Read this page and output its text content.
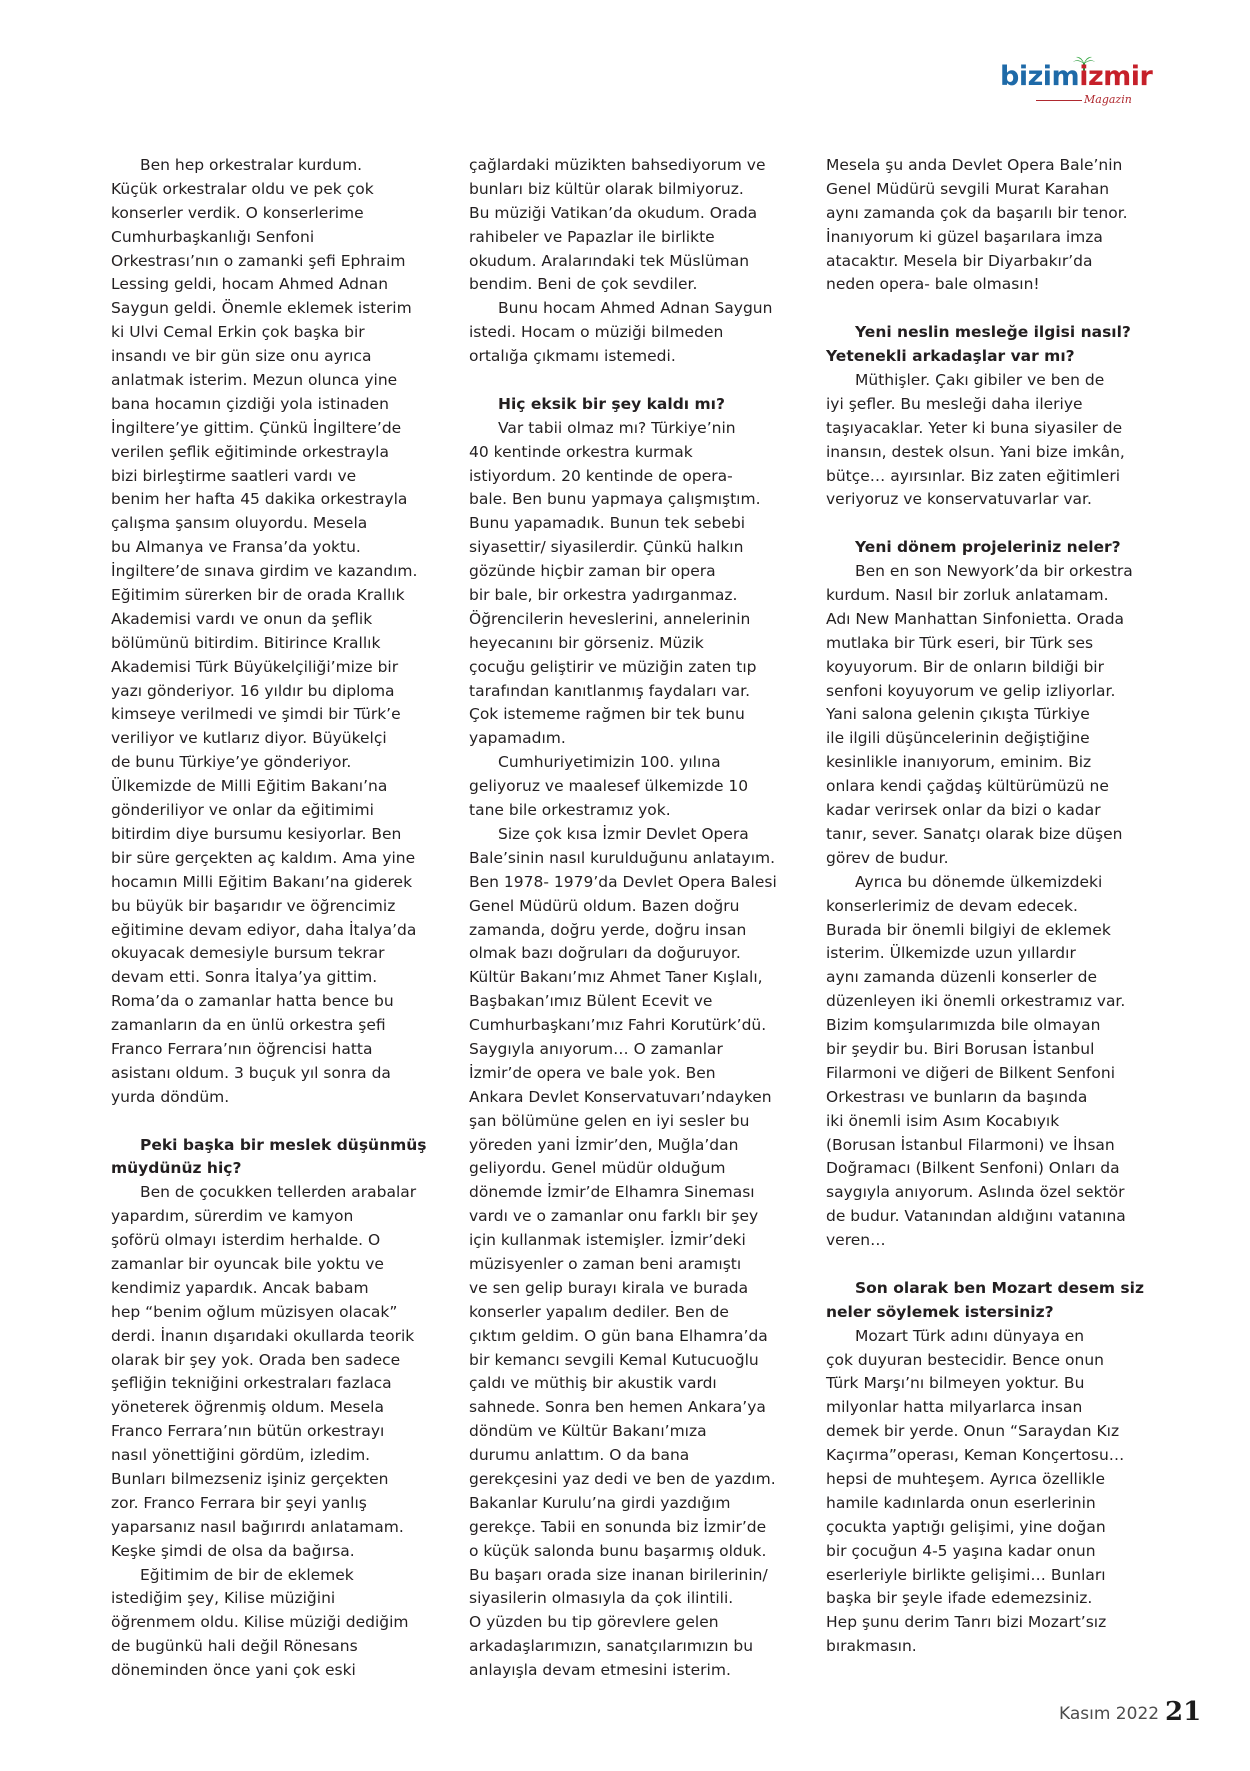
bizimizmir
Magazin
Ben hep orkestralar kurdum.
Küçük orkestralar oldu ve pek çok
konserler verdik. O konserlerime
Cumhurbaşkanlığı Senfoni
Orkestrası’nın o zamanki şefi Ephraim
Lessing geldi, hocam Ahmed Adnan
Saygun geldi. Önemle eklemek isterim
ki Ulvi Cemal Erkin çok başka bir
insandı ve bir gün size onu ayrıca
anlatmak isterim. Mezun olunca yine
bana hocamın çizdiği yola istinaden
İngiltere’ye gittim. Çünkü İngiltere’de
verilen şeflik eğitiminde orkestrayla
bizi birleştirme saatleri vardı ve
benim her hafta 45 dakika orkestrayla
çalışma şansım oluyordu. Mesela
bu Almanya ve Fransa’da yoktu.
İngiltere’de sınava girdim ve kazandım.
Eğitimim sürerken bir de orada Krallık
Akademisi vardı ve onun da şeflik
bölümünü bitirdim. Bitirince Krallık
Akademisi Türk Büyükelçiliği’mize bir
yazı gönderiyor. 16 yıldır bu diploma
kimseye verilmedi ve şimdi bir Türk’e
veriliyor ve kutlarız diyor. Büyükelçi
de bunu Türkiye’ye gönderiyor.
Ülkemizde de Milli Eğitim Bakanı’na
gönderiliyor ve onlar da eğitimimi
bitirdim diye bursumu kesiyorlar. Ben
bir süre gerçekten aç kaldım. Ama yine
hocamın Milli Eğitim Bakanı’na giderek
bu büyük bir başarıdır ve öğrencimiz
eğitimine devam ediyor, daha İtalya’da
okuyacak demesiyle bursum tekrar
devam etti. Sonra İtalya’ya gittim.
Roma’da o zamanlar hatta bence bu
zamanların da en ünlü orkestra şefi
Franco Ferrara’nın öğrencisi hatta
asistanı oldum. 3 buçuk yıl sonra da
yurda döndüm.
Peki başka bir meslek düşünmüş
müydünüz hiç?
Ben de çocukken tellerden arabalar
yapardım, sürerdim ve kamyon
şoförü olmayı isterdim herhalde. O
zamanlar bir oyuncak bile yoktu ve
kendimiz yapardık. Ancak babam
hep “benim oğlum müzisyen olacak”
derdi. İnanın dışarıdaki okullarda teorik
olarak bir şey yok. Orada ben sadece
şefliğin tekniğini orkestraları fazlaca
yöneterek öğrenmiş oldum. Mesela
Franco Ferrara’nın bütün orkestrayı
nasıl yönettiğini gördüm, izledim.
Bunları bilmezseniz işiniz gerçekten
zor. Franco Ferrara bir şeyi yanlış
yaparsanız nasıl bağırırdı anlatamam.
Keşke şimdi de olsa da bağırsa.
Eğitimim de bir de eklemek
istediğim şey, Kilise müziğini
öğrenmem oldu. Kilise müziği dediğim
de bugünkü hali değil Rönesans
döneminden önce yani çok eski
çağlardaki müzikten bahsediyorum ve
bunları biz kültür olarak bilmiyoruz.
Bu müziği Vatikan’da okudum. Orada
rahibeler ve Papazlar ile birlikte
okudum. Aralarındaki tek Müslüman
bendim. Beni de çok sevdiler.
Bunu hocam Ahmed Adnan Saygun
istedi. Hocam o müziği bilmeden
ortalığa çıkmamı istemedi.
Hiç eksik bir şey kaldı mı?
Var tabii olmaz mı? Türkiye’nin
40 kentinde orkestra kurmak
istiyordum. 20 kentinde de opera-
bale. Ben bunu yapmaya çalışmıştım.
Bunu yapamadık. Bunun tek sebebi
siyasettir/ siyasilerdir. Çünkü halkın
gözünde hiçbir zaman bir opera
bir bale, bir orkestra yadırganmaz.
Öğrencilerin heveslerini, annelerinin
heyecanını bir görseniz. Müzik
çocuğu geliştirir ve müziğin zaten tıp
tarafından kanıtlanmış faydaları var.
Çok istememe rağmen bir tek bunu
yapamadım.
Cumhuriyetimizin 100. yılına
geliyoruz ve maalesef ülkemizde 10
tane bile orkestramız yok.
Size çok kısa İzmir Devlet Opera
Bale’sinin nasıl kurulduğunu anlatayım.
Ben 1978- 1979’da Devlet Opera Balesi
Genel Müdürü oldum. Bazen doğru
zamanda, doğru yerde, doğru insan
olmak bazı doğruları da doğuruyor.
Kültür Bakanı’mız Ahmet Taner Kışlalı,
Başbakan’ımız Bülent Ecevit ve
Cumhurbaşkanı’mız Fahri Korutürk’dü.
Saygıyla anıyorum… O zamanlar
İzmir’de opera ve bale yok. Ben
Ankara Devlet Konservatuvarı’ndayken
şan bölümüne gelen en iyi sesler bu
yöreden yani İzmir’den, Muğla’dan
geliyordu. Genel müdür olduğum
dönemde İzmir’de Elhamra Sineması
vardı ve o zamanlar onu farklı bir şey
için kullanmak istemişler. İzmir’deki
müzisyenler o zaman beni aramıştı
ve sen gelip burayı kirala ve burada
konserler yapalım dediler. Ben de
çıktım geldim. O gün bana Elhamra’da
bir kemancı sevgili Kemal Kutucuoğlu
çaldı ve müthiş bir akustik vardı
sahnede. Sonra ben hemen Ankara’ya
döndüm ve Kültür Bakanı’mıza
durumu anlattım. O da bana
gerekçesini yaz dedi ve ben de yazdım.
Bakanlar Kurulu’na girdi yazdığım
gerekçe. Tabii en sonunda biz İzmir’de
o küçük salonda bunu başarmış olduk.
Bu başarı orada size inanan birilerinin/
siyasilerin olmasıyla da çok ilintili.
O yüzden bu tip görevlere gelen
arkadaşlarımızın, sanatçılarımızın bu
anlayışla devam etmesini isterim.
Mesela şu anda Devlet Opera Bale’nin
Genel Müdürü sevgili Murat Karahan
aynı zamanda çok da başarılı bir tenor.
İnanıyorum ki güzel başarılara imza
atacaktır. Mesela bir Diyarbakır’da
neden opera- bale olmasın!
Yeni neslin mesleğe ilgisi nasıl?
Yetenekli arkadaşlar var mı?
Müthişler. Çakı gibiler ve ben de
iyi şefler. Bu mesleği daha ileriye
taşıyacaklar. Yeter ki buna siyasiler de
inansın, destek olsun. Yani bize imkân,
bütçe… ayırsınlar. Biz zaten eğitimleri
veriyoruz ve konservatuvarlar var.
Yeni dönem projeleriniz neler?
Ben en son Newyork’da bir orkestra
kurdum. Nasıl bir zorluk anlatamam.
Adı New Manhattan Sinfonietta. Orada
mutlaka bir Türk eseri, bir Türk ses
koyuyorum. Bir de onların bildiği bir
senfoni koyuyorum ve gelip izliyorlar.
Yani salona gelenin çıkışta Türkiye
ile ilgili düşüncelerinin değiştiğine
kesinlikle inanıyorum, eminim. Biz
onlara kendi çağdaş kültürümüzü ne
kadar verirsek onlar da bizi o kadar
tanır, sever. Sanatçı olarak bize düşen
görev de budur.
Ayrıca bu dönemde ülkemizdeki
konserlerimiz de devam edecek.
Burada bir önemli bilgiyi de eklemek
isterim. Ülkemizde uzun yıllardır
aynı zamanda düzenli konserler de
düzenleyen iki önemli orkestramız var.
Bizim komşularımızda bile olmayan
bir şeydir bu. Biri Borusan İstanbul
Filarmoni ve diğeri de Bilkent Senfoni
Orkestrası ve bunların da başında
iki önemli isim Asım Kocabıyık
(Borusan İstanbul Filarmoni) ve İhsan
Doğramacı (Bilkent Senfoni) Onları da
saygıyla anıyorum. Aslında özel sektör
de budur. Vatanından aldığını vatanına
veren…
Son olarak ben Mozart desem siz
neler söylemek istersiniz?
Mozart Türk adını dünyaya en
çok duyuran bestecidir. Bence onun
Türk Marşı’nı bilmeyen yoktur. Bu
milyonlar hatta milyarlarca insan
demek bir yerde. Onun “Saraydan Kız
Kaçırma”operası, Keman Konçertosu…
hepsi de muhteşem. Ayrıca özellikle
hamile kadınlarda onun eserlerinin
çocukta yaptığı gelişimi, yine doğan
bir çocuğun 4-5 yaşına kadar onun
eserleriyle birlikte gelişimi… Bunları
başka bir şeyle ifade edemezsiniz.
Hep şunu derim Tanrı bizi Mozart’sız
bırakmasın.
Kasım 2022 21
